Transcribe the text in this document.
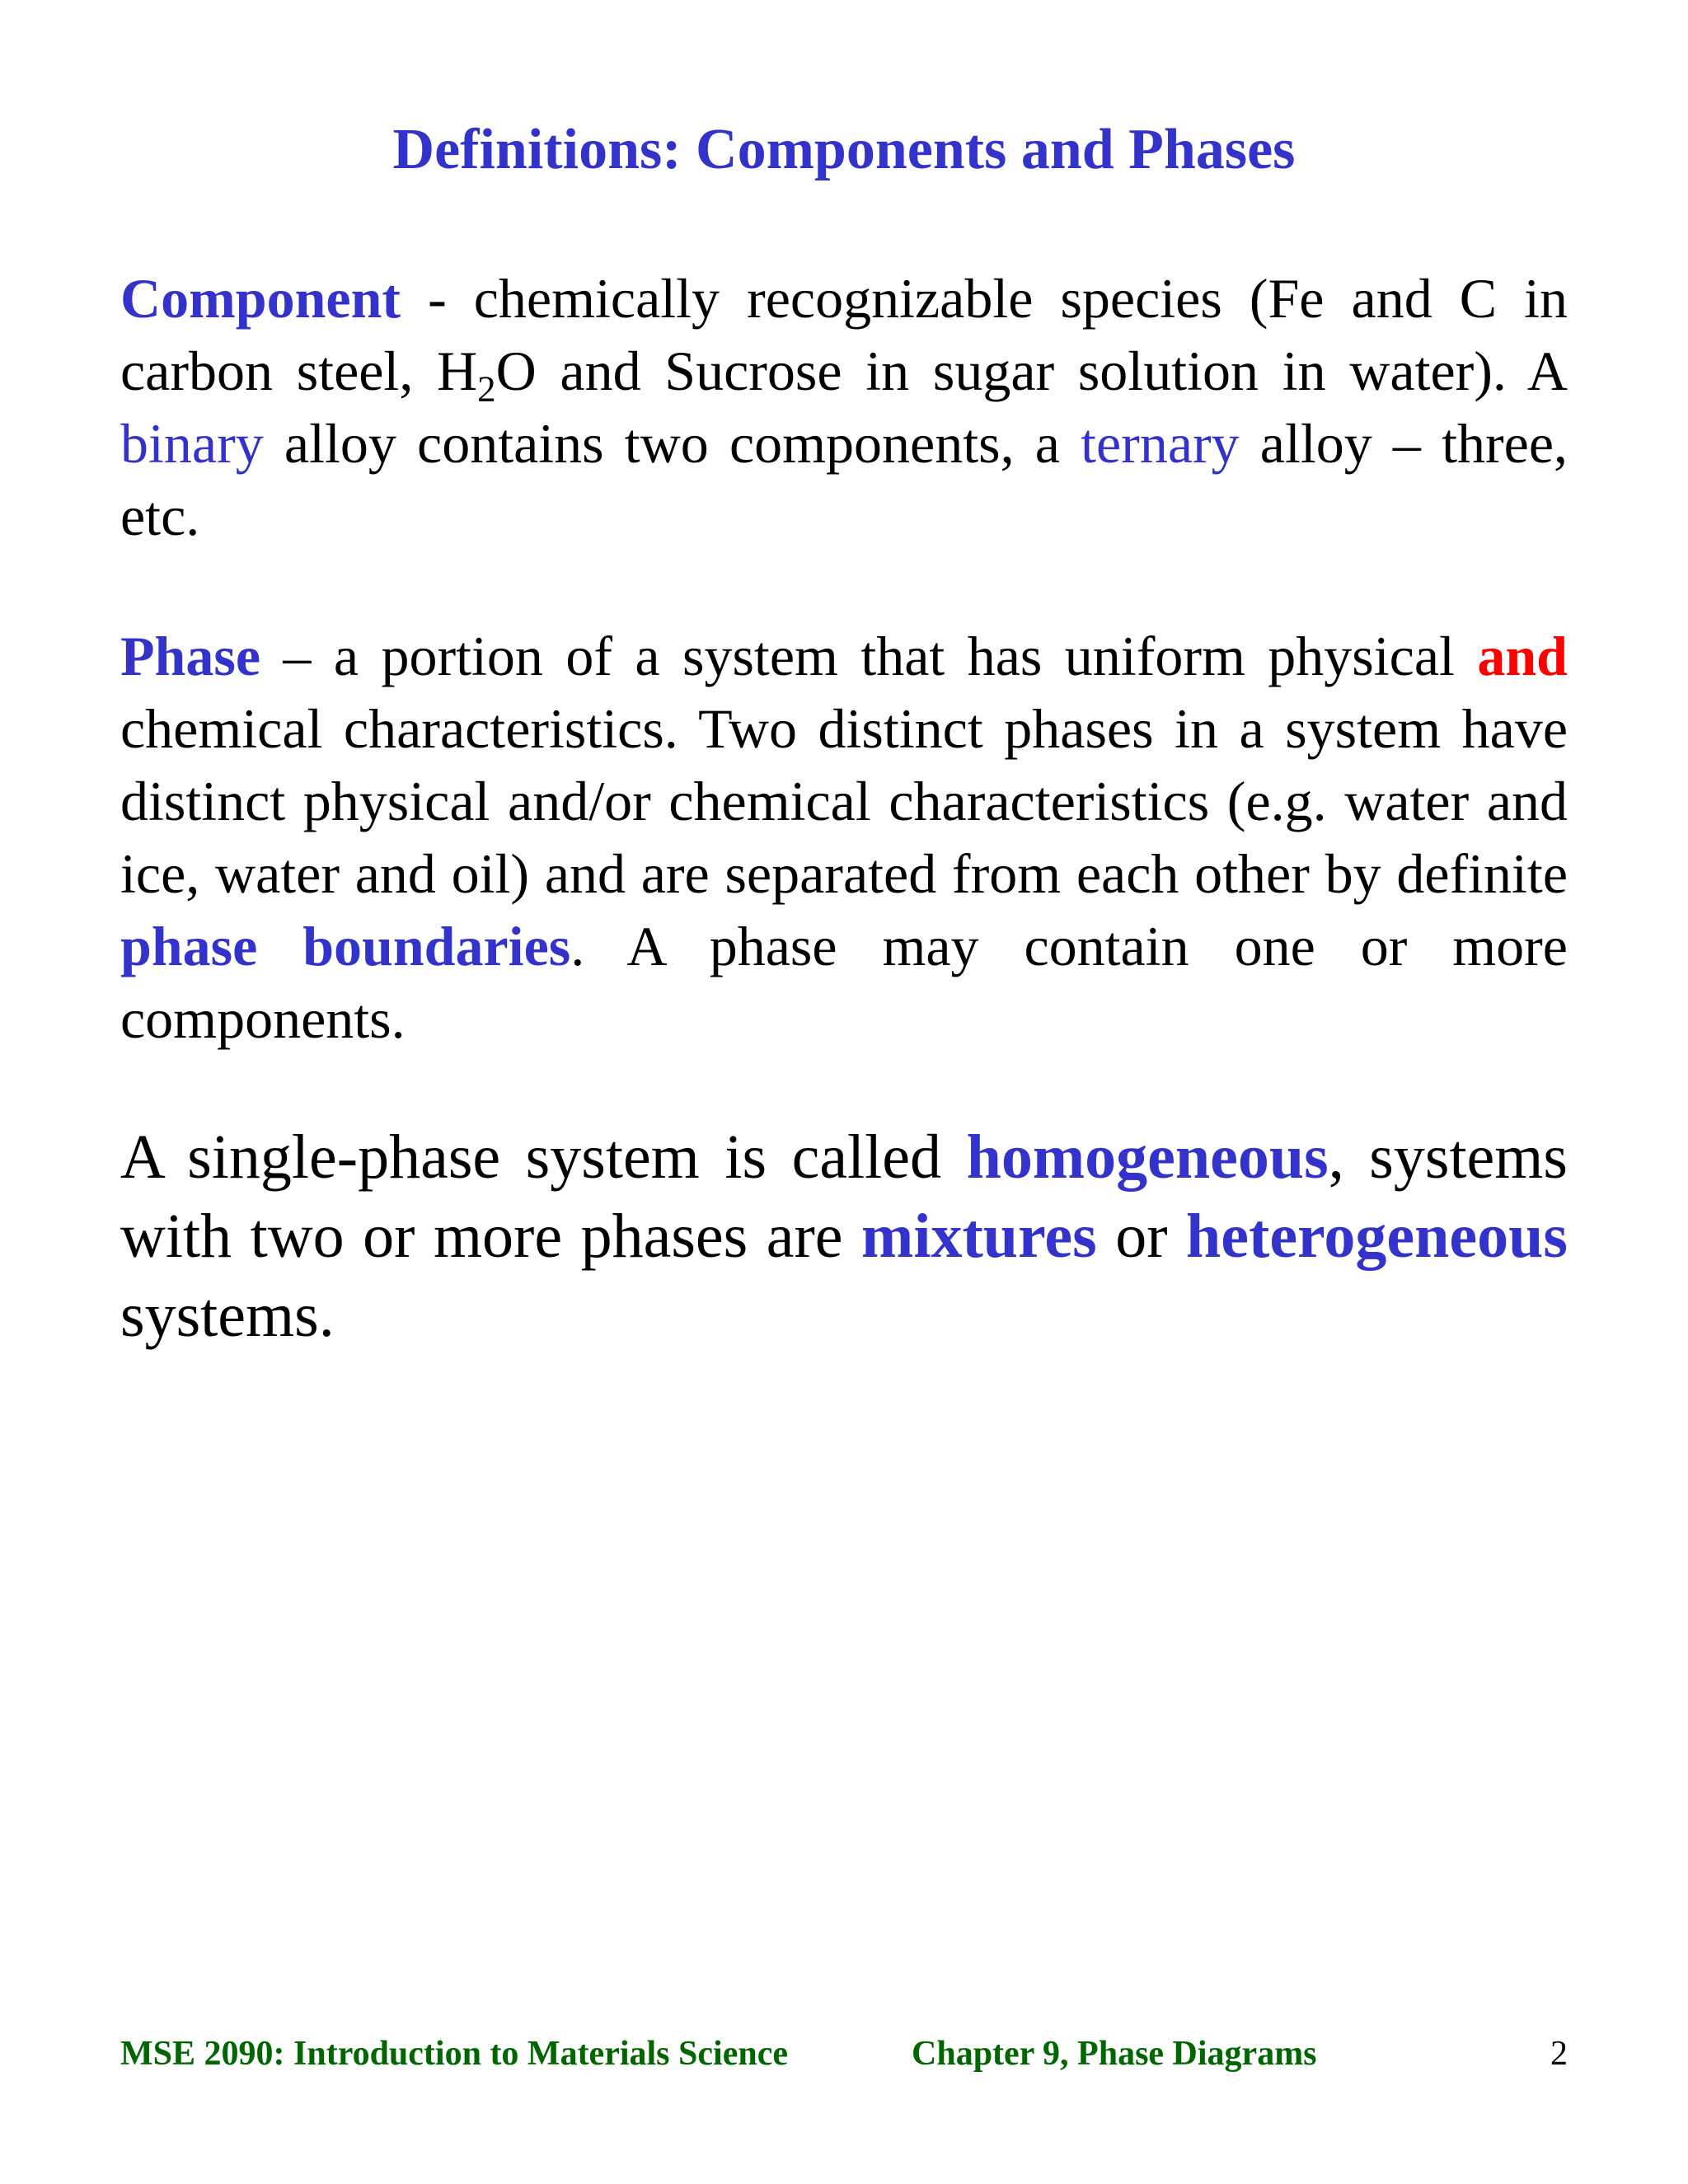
Definitions: Components and Phases

Component - chemically recognizable species (Fe and C in carbon steel, $H_2O$ and Sucrose in sugar solution in water). A binary alloy contains two components, a ternary alloy – three, etc.

Phase – a portion of a system that has uniform physical and chemical characteristics. Two distinct phases in a system have distinct physical and/or chemical characteristics (e.g. water and ice, water and oil) and are separated from each other by definite phase boundaries. A phase may contain one or more components.

A single-phase system is called homogeneous, systems with two or more phases are mixtures or heterogeneous systems.

MSE 2090: Introduction to Materials Science	Chapter 9, Phase Diagrams	2
